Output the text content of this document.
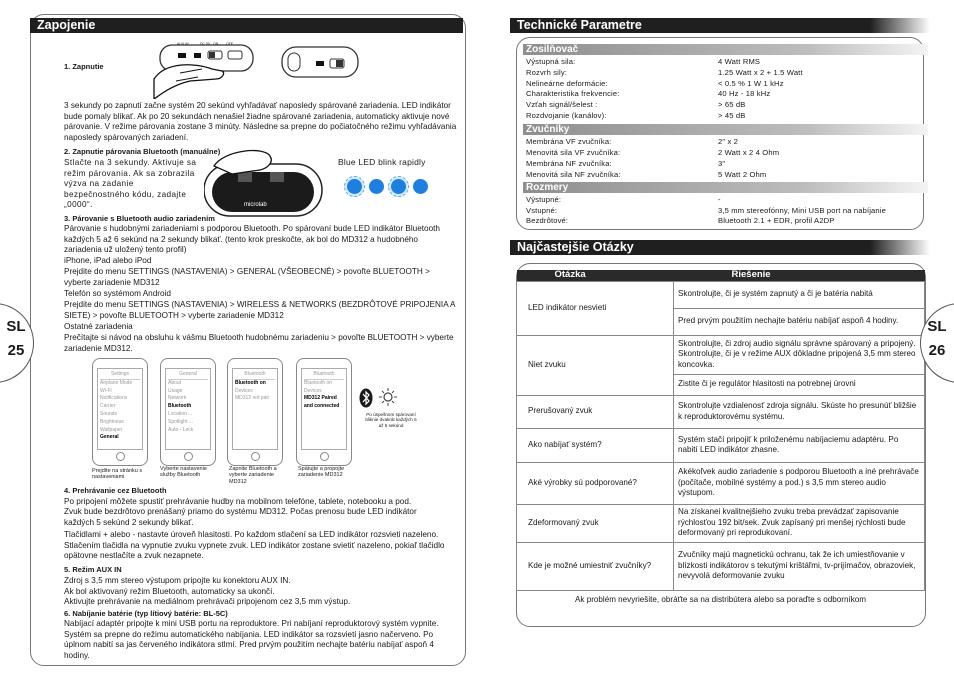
Zapojenie
SL
25
1. Zapnutie
AUX IN	DC 5V ON OFF
3 sekundy po zapnutí začne systém 20 sekúnd vyhľadávať naposledy spárované zariadenia. LED indikátor bude pomaly blikať. Ak po 20 sekundách nenašiel žiadne spárované zariadenia, automaticky aktivuje nové párovanie. V režime párovania zostane 3 minúty. Následne sa prepne do počiatočného režimu vyhľadávania naposledy spárovaných zariadení.
2. Zapnutie párovania Bluetooth (manuálne)
Stlačte na 3 sekundy. Aktivuje sa režim párovania. Ak sa zobrazila výzva na zadanie bezpečnostného kódu, zadajte „0000“.	microlab
Blue LED blink rapidly
3. Párovanie s Bluetooth audio zariadením
Párovanie s hudobnými zariadeniami s podporou Bluetooth. Po spárovaní bude LED indikátor Bluetooth každých 5 až 6 sekúnd na 2 sekundy blikať. (tento krok preskočte, ak bol do MD312 a hudobného zariadenia už uložený tento profil)
iPhone, iPad alebo iPod
Prejdite do menu SETTINGS (NASTAVENIA) > GENERAL (VŠEOBECNÉ) > povoľte BLUETOOTH > vyberte zariadenie MD312
Telefón so systémom Android
Prejdite do menu SETTINGS (NASTAVENIA) > WIRELESS & NETWORKS (BEZDRÔTOVÉ PRIPOJENIA A SIETE) > povoľte BLUETOOTH > vyberte zariadenie MD312
Ostatné zariadenia
Prečítajte si návod na obsluhu k vášmu Bluetooth hudobnému zariadeniu > povoľte BLUETOOTH > vyberte zariadenie MD312.
Settings
Airplane Mode
Wi-Fi
Notifications
Carrier
Sounds
Brightness
Wallpaper
General
Prejdite na stránku s nastaveniami
General
About
Usage
Network
Bluetooth
Location ...
Spotlight ...
Auto - Lock
Vyberte nastavenie služby Bluetooth
Bluetooth
Bluetooth on
Devices
MD312 not pair
Zapnite Bluetooth a vyberte zariadenie MD312
Bluetooth
Bluetooth on
Devices
MD312 Paired and connected
Spätujte a propojte zariadenie MD312
Po úspešnom spárovaní bliknie dvakrát každých 5 až 6 sekúnd
4. Prehrávanie cez Bluetooth
Po pripojení môžete spustiť prehrávanie hudby na mobilnom telefóne, tablete, notebooku a pod.
Zvuk bude bezdrôtovo prenášaný priamo do systému MD312. Počas prenosu bude LED indikátor každých 5 sekúnd 2 sekundy blikať.
Tlačidlami + alebo - nastavte úroveň hlasitosti. Po každom stlačení sa LED indikátor rozsvieti nazeleno. Stlačením tlačidla na vypnutie zvuku vypnete zvuk. LED indikátor zostane svietiť nazeleno, pokiaľ tlačidlo opätovne nestlačíte a zvuk nezapnete.
5. Režim AUX IN
Zdroj s 3,5 mm stereo výstupom pripojte ku konektoru AUX IN.
Ak bol aktivovaný režim Bluetooth, automaticky sa ukončí.
Aktivujte prehrávanie na mediálnom prehrávači pripojenom cez 3,5 mm výstup.
6. Nabíjanie batérie (typ lítiový batérie: BL-5C)
Nabíjací adaptér pripojte k mini USB portu na reproduktore. Pri nabíjaní reproduktorový systém vypnite. Systém sa prepne do režimu automatického nabíjania. LED indikátor sa rozsvieti jasno načerveno. Po úplnom nabití sa jas červeného indikátora stlmí. Pred prvým použitím nechajte batériu nabíjať aspoň 4 hodiny.
Technické Parametre
Zosilňovač
Výstupná sila:	4 Watt RMS
Rozvrh sily:	1.25 Watt x 2 + 1.5 Watt
Nelineárne deformácie:	< 0.5 % 1 W 1 kHz
Charakteristika frekvencie:	40 Hz - 18 kHz
Vzťah signál/šelest :	> 65 dB
Rozdvojanie (kanálov):	> 45 dB
Zvučníky
Membrána VF zvučníka:	2" x 2
Menovitá sila VF zvučníka:	2 Watt x 2 4 Ohm
Membrána NF zvučníka:	3"
Menovitá sila NF zvučníka:	5 Watt 2 Ohm
Rozmery
Výstupné:	-
Vstupné:	3,5 mm stereofónny, Mini USB port na nabíjanie
Bezdrôtové:	Bluetooth 2.1 + EDR, profil A2DP
Najčastejšie Otázky
Otázka	Riešenie
LED indikátor nesvieti	Skontrolujte, či je systém zapnutý a či je batéria nabitá
	Pred prvým použitím nechajte batériu nabíjať aspoň 4 hodiny.
Niet zvuku	Skontrolujte, či zdroj audio signálu správne spárovaný a pripojený. Skontrolujte, či je v režime AUX dôkladne pripojená 3,5 mm stereo koncovka.
	Zistite či je regulátor hlasitosti na potrebnej úrovni
Prerušovaný zvuk	Skontrolujte vzdialenosť zdroja signálu. Skúste ho presunúť bližšie k reproduktorovému systému.
Ako nabíjať systém?	Systém stačí pripojiť k priloženému nabíjaciemu adaptéru. Po nabití LED indikátor zhasne.
Aké výrobky sú podporované?	Akékoľvek audio zariadenie s podporou Bluetooth a iné prehrávače (počítače, mobilné systémy a pod.) s 3,5 mm stereo audio výstupom.
Zdeformovaný zvuk	Na získanei kvalitnejšieho zvuku treba prevádzať zapisovanie rýchlosťou 192 bit/sek. Zvuk zapísaný pri menšej rýchlosti bude deformovaný pri reprodukovaní.
Kde je možné umiestniť zvučníky?	Zvučníky majú magnetickú ochranu, tak že ich umiestňovanie v blízkosti indikátorov s tekutými krištáľmi, tv-prijímačov, obrazoviek, nevyvolá deformovanie zvuku
Ak problém nevyriešite, obráťte sa na distribútera alebo sa poraďte s odborníkom	
SL
26
